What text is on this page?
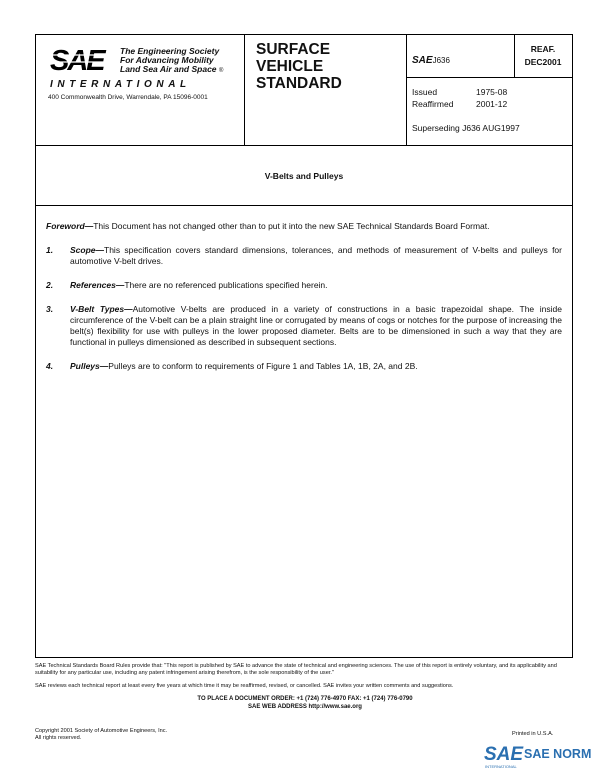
SAE	The Engineering Society
For Advancing Mobility
Land Sea Air and Space ®
INTERNATIONAL
400 Commonwealth Drive, Warrendale, PA 15096-0001
SURFACE
VEHICLE
STANDARD
SAEJ636
REAF.
DEC2001
Issued	1975-08
Reaffirmed	2001-12
Superseding J636 AUG1997
V-Belts and Pulleys

Foreword—This Document has not changed other than to put it into the new SAE Technical Standards Board Format.

1.	Scope—This specification covers standard dimensions, tolerances, and methods of measurement of V-belts and pulleys for automotive V-belt drives.
2.	References—There are no referenced publications specified herein.
3.	V-Belt Types—Automotive V-belts are produced in a variety of constructions in a basic trapezoidal shape. The inside circumference of the V-belt can be a plain straight line or corrugated by means of cogs or notches for the purpose of increasing the belt(s) flexibility for use with pulleys in the lower proposed diameter. Belts are to be dimensioned in such a way that they are functional in pulleys dimensioned as described in subsequent sections.
4.	Pulleys—Pulleys are to conform to requirements of Figure 1 and Tables 1A, 1B, 2A, and 2B.
SAE Technical Standards Board Rules provide that: "This report is published by SAE to advance the state of technical and engineering sciences. The use of this report is entirely voluntary, and its applicability and suitability for any particular use, including any patent infringement arising therefrom, is the sole responsibility of the user."
SAE reviews each technical report at least every five years at which time it may be reaffirmed, revised, or cancelled. SAE invites your written comments and suggestions.
TO PLACE A DOCUMENT ORDER: +1 (724) 776-4970 FAX: +1 (724) 776-0790
SAE WEB ADDRESS http://www.sae.org
Copyright 2001 Society of Automotive Engineers, Inc.
All rights reserved.
Printed in U.S.A.
SAE SAE NORM
INTERNATIONAL
